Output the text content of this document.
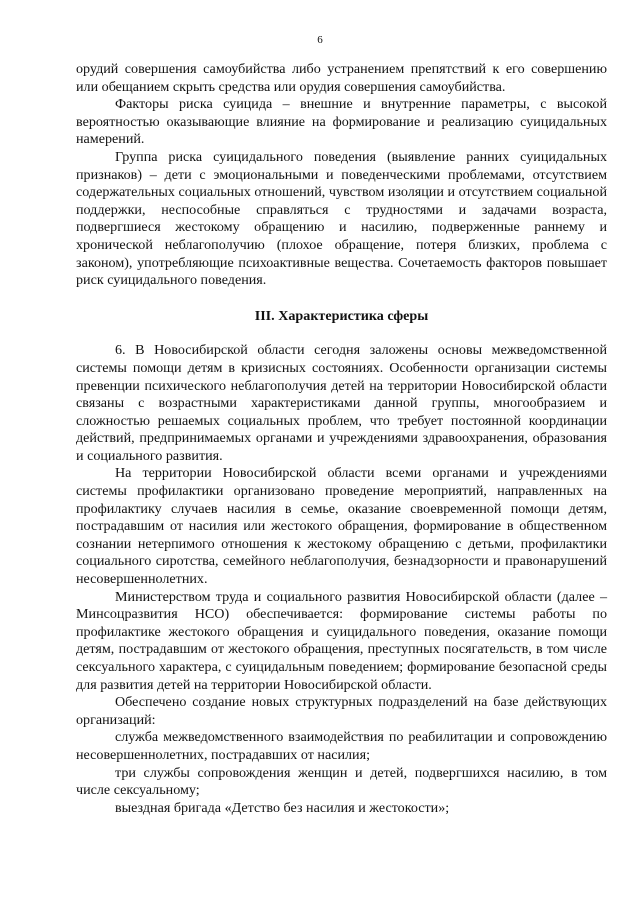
6

орудий совершения самоубийства либо устранением препятствий к его совершению или обещанием скрыть средства или орудия совершения самоубийства.

Факторы риска суицида – внешние и внутренние параметры, с высокой вероятностью оказывающие влияние на формирование и реализацию суицидальных намерений.

Группа риска суицидального поведения (выявление ранних суицидальных признаков) – дети с эмоциональными и поведенческими проблемами, отсутствием содержательных социальных отношений, чувством изоляции и отсутствием социальной поддержки, неспособные справляться с трудностями и задачами возраста, подвергшиеся жестокому обращению и насилию, подверженные раннему и хронической неблагополучию (плохое обращение, потеря близких, проблема с законом), употребляющие психоактивные вещества. Сочетаемость факторов повышает риск суицидального поведения.

III. Характеристика сферы

6. В Новосибирской области сегодня заложены основы межведомственной системы помощи детям в кризисных состояниях. Особенности организации системы превенции психического неблагополучия детей на территории Новосибирской области связаны с возрастными характеристиками данной группы, многообразием и сложностью решаемых социальных проблем, что требует постоянной координации действий, предпринимаемых органами и учреждениями здравоохранения, образования и социального развития.

На территории Новосибирской области всеми органами и учреждениями системы профилактики организовано проведение мероприятий, направленных на профилактику случаев насилия в семье, оказание своевременной помощи детям, пострадавшим от насилия или жестокого обращения, формирование в общественном сознании нетерпимого отношения к жестокому обращению с детьми, профилактики социального сиротства, семейного неблагополучия, безнадзорности и правонарушений несовершеннолетних.

Министерством труда и социального развития Новосибирской области (далее – Минсоцразвития НСО) обеспечивается: формирование системы работы по профилактике жестокого обращения и суицидального поведения, оказание помощи детям, пострадавшим от жестокого обращения, преступных посягательств, в том числе сексуального характера, с суицидальным поведением; формирование безопасной среды для развития детей на территории Новосибирской области.

Обеспечено создание новых структурных подразделений на базе действующих организаций:

служба межведомственного взаимодействия по реабилитации и сопровождению несовершеннолетних, пострадавших от насилия;

три службы сопровождения женщин и детей, подвергшихся насилию, в том числе сексуальному;

выездная бригада «Детство без насилия и жестокости»;
